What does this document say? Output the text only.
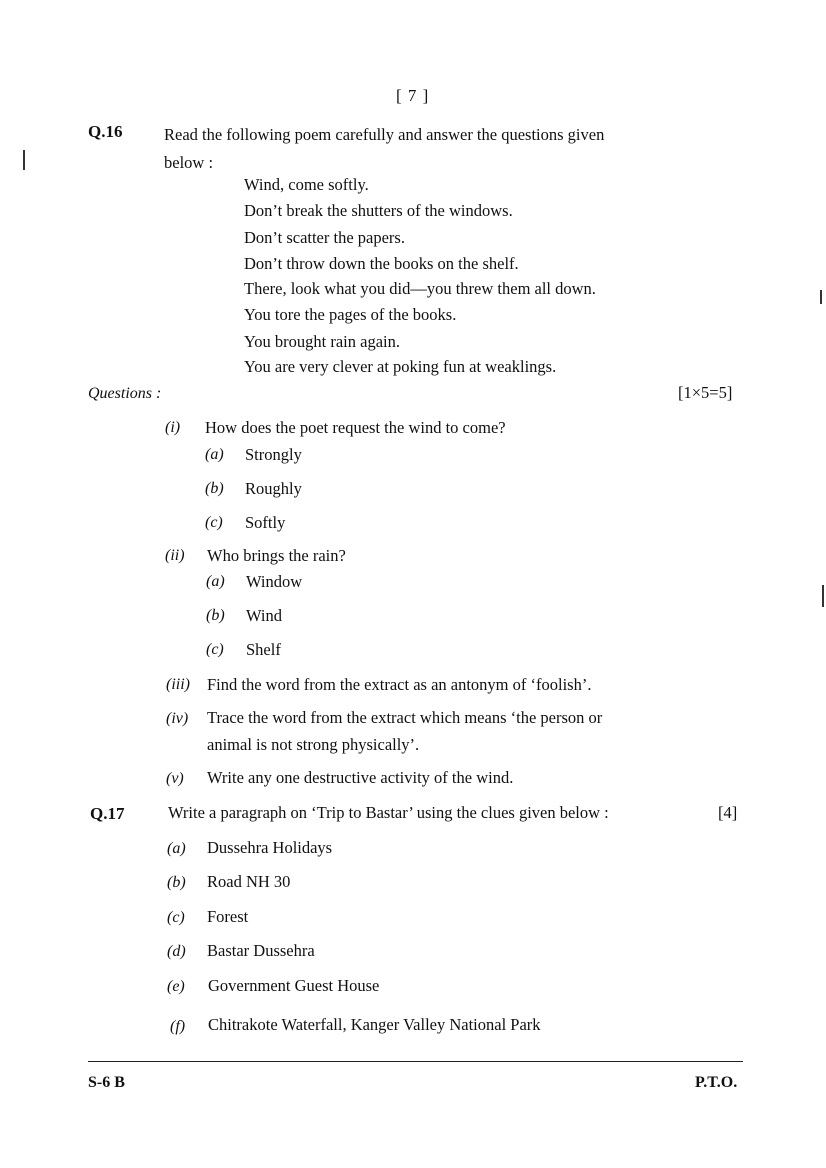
[ 7 ]
Q.16	Read the following poem carefully and answer the questions given
below :
Wind, come softly.
Don’t break the shutters of the windows.
Don’t scatter the papers.
Don’t throw down the books on the shelf.
There, look what you did—you threw them all down.
You tore the pages of the books.
You brought rain again.
You are very clever at poking fun at weaklings.
Questions :	[1×5=5]
(i) How does the poet request the wind to come?
(a) Strongly
(b) Roughly
(c) Softly
(ii) Who brings the rain?
(a) Window
(b) Wind
(c) Shelf
(iii) Find the word from the extract as an antonym of ‘foolish’.
(iv) Trace the word from the extract which means ‘the person or
animal is not strong physically’.
(v) Write any one destructive activity of the wind.
Q.17	Write a paragraph on ‘Trip to Bastar’ using the clues given below :	[4]
(a) Dussehra Holidays
(b) Road NH 30
(c) Forest
(d) Bastar Dussehra
(e) Government Guest House
(f) Chitrakote Waterfall, Kanger Valley National Park
S-6 B	P.T.O.
